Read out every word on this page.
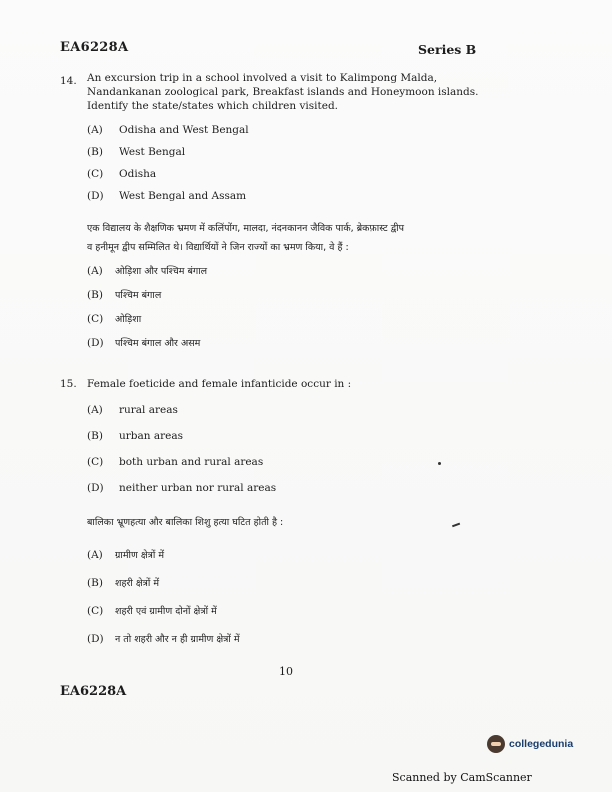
EA6228A	Series B
14. An excursion trip in a school involved a visit to Kalimpong Malda,
Nandankanan zoological park, Breakfast islands and Honeymoon islands.
Identify the state/states which children visited.
(A) Odisha and West Bengal
(B) West Bengal
(C) Odisha
(D) West Bengal and Assam
एक विद्यालय के शैक्षणिक भ्रमण में कलिंपोंग, मालदा, नंदनकानन जैविक पार्क, ब्रेकफ़ास्ट द्वीप
व हनीमून द्वीप सम्मिलित थे। विद्यार्थियों ने जिन राज्यों का भ्रमण किया, वे हैं :
(A) ओड़िशा और पश्चिम बंगाल
(B) पश्चिम बंगाल
(C) ओड़िशा
(D) पश्चिम बंगाल और असम
15. Female foeticide and female infanticide occur in :
(A) rural areas
(B) urban areas
(C) both urban and rural areas
(D) neither urban nor rural areas
बालिका भ्रूणहत्या और बालिका शिशु हत्या घटित होती है :
(A) ग्रामीण क्षेत्रों में
(B) शहरी क्षेत्रों में
(C) शहरी एवं ग्रामीण दोनों क्षेत्रों में
(D) न तो शहरी और न ही ग्रामीण क्षेत्रों में
10
EA6228A
collegedunia
Scanned by CamScanner
